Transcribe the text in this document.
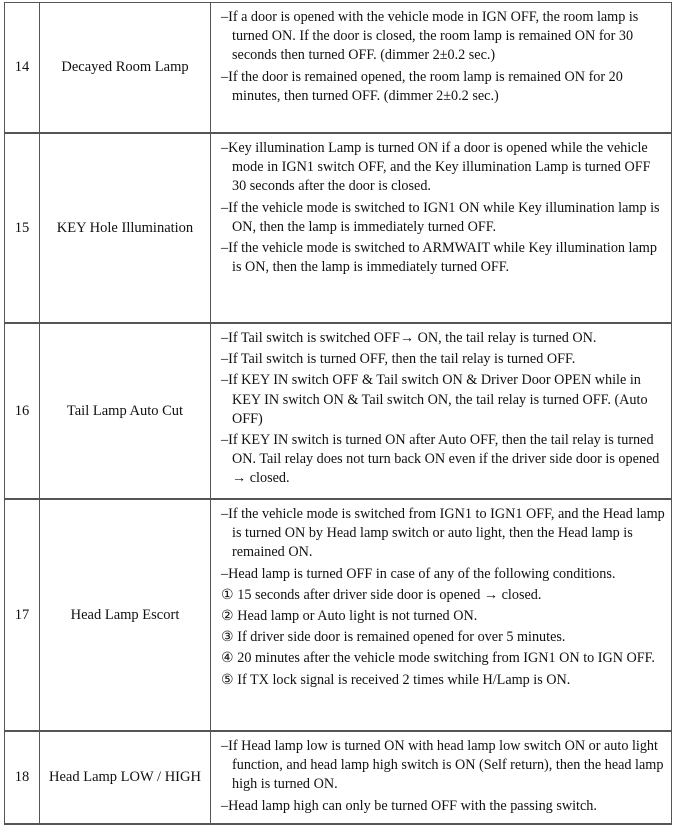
14	Decayed Room Lamp
–If a door is opened with the vehicle mode in IGN OFF, the room lamp is turned ON. If the door is closed, the room lamp is remained ON for 30 seconds then turned OFF. (dimmer 2±0.2 sec.)
–If the door is remained opened, the room lamp is remained ON for 20 minutes, then turned OFF. (dimmer 2±0.2 sec.)
15	KEY Hole Illumination
–Key illumination Lamp is turned ON if a door is opened while the vehicle mode in IGN1 switch OFF, and the Key illumination Lamp is turned OFF 30 seconds after the door is closed.
–If the vehicle mode is switched to IGN1 ON while Key illumination lamp is ON, then the lamp is immediately turned OFF.
–If the vehicle mode is switched to ARMWAIT while Key illumination lamp is ON, then the lamp is immediately turned OFF.
16	Tail Lamp Auto Cut
–If Tail switch is switched OFF→ ON, the tail relay is turned ON.
–If Tail switch is turned OFF, then the tail relay is turned OFF.
–If KEY IN switch OFF & Tail switch ON & Driver Door OPEN while in KEY IN switch ON & Tail switch ON, the tail relay is turned OFF. (Auto OFF)
–If KEY IN switch is turned ON after Auto OFF, then the tail relay is turned ON. Tail relay does not turn back ON even if the driver side door is opened → closed.
17	Head Lamp Escort
–If the vehicle mode is switched from IGN1 to IGN1 OFF, and the Head lamp is turned ON by Head lamp switch or auto light, then the Head lamp is remained ON.
–Head lamp is turned OFF in case of any of the following conditions.
① 15 seconds after driver side door is opened → closed.
② Head lamp or Auto light is not turned ON.
③ If driver side door is remained opened for over 5 minutes.
④ 20 minutes after the vehicle mode switching from IGN1 ON to IGN OFF.
⑤ If TX lock signal is received 2 times while H/Lamp is ON.
18	Head Lamp LOW / HIGH
–If Head lamp low is turned ON with head lamp low switch ON or auto light function, and head lamp high switch is ON (Self return), then the head lamp high is turned ON.
–Head lamp high can only be turned OFF with the passing switch.
